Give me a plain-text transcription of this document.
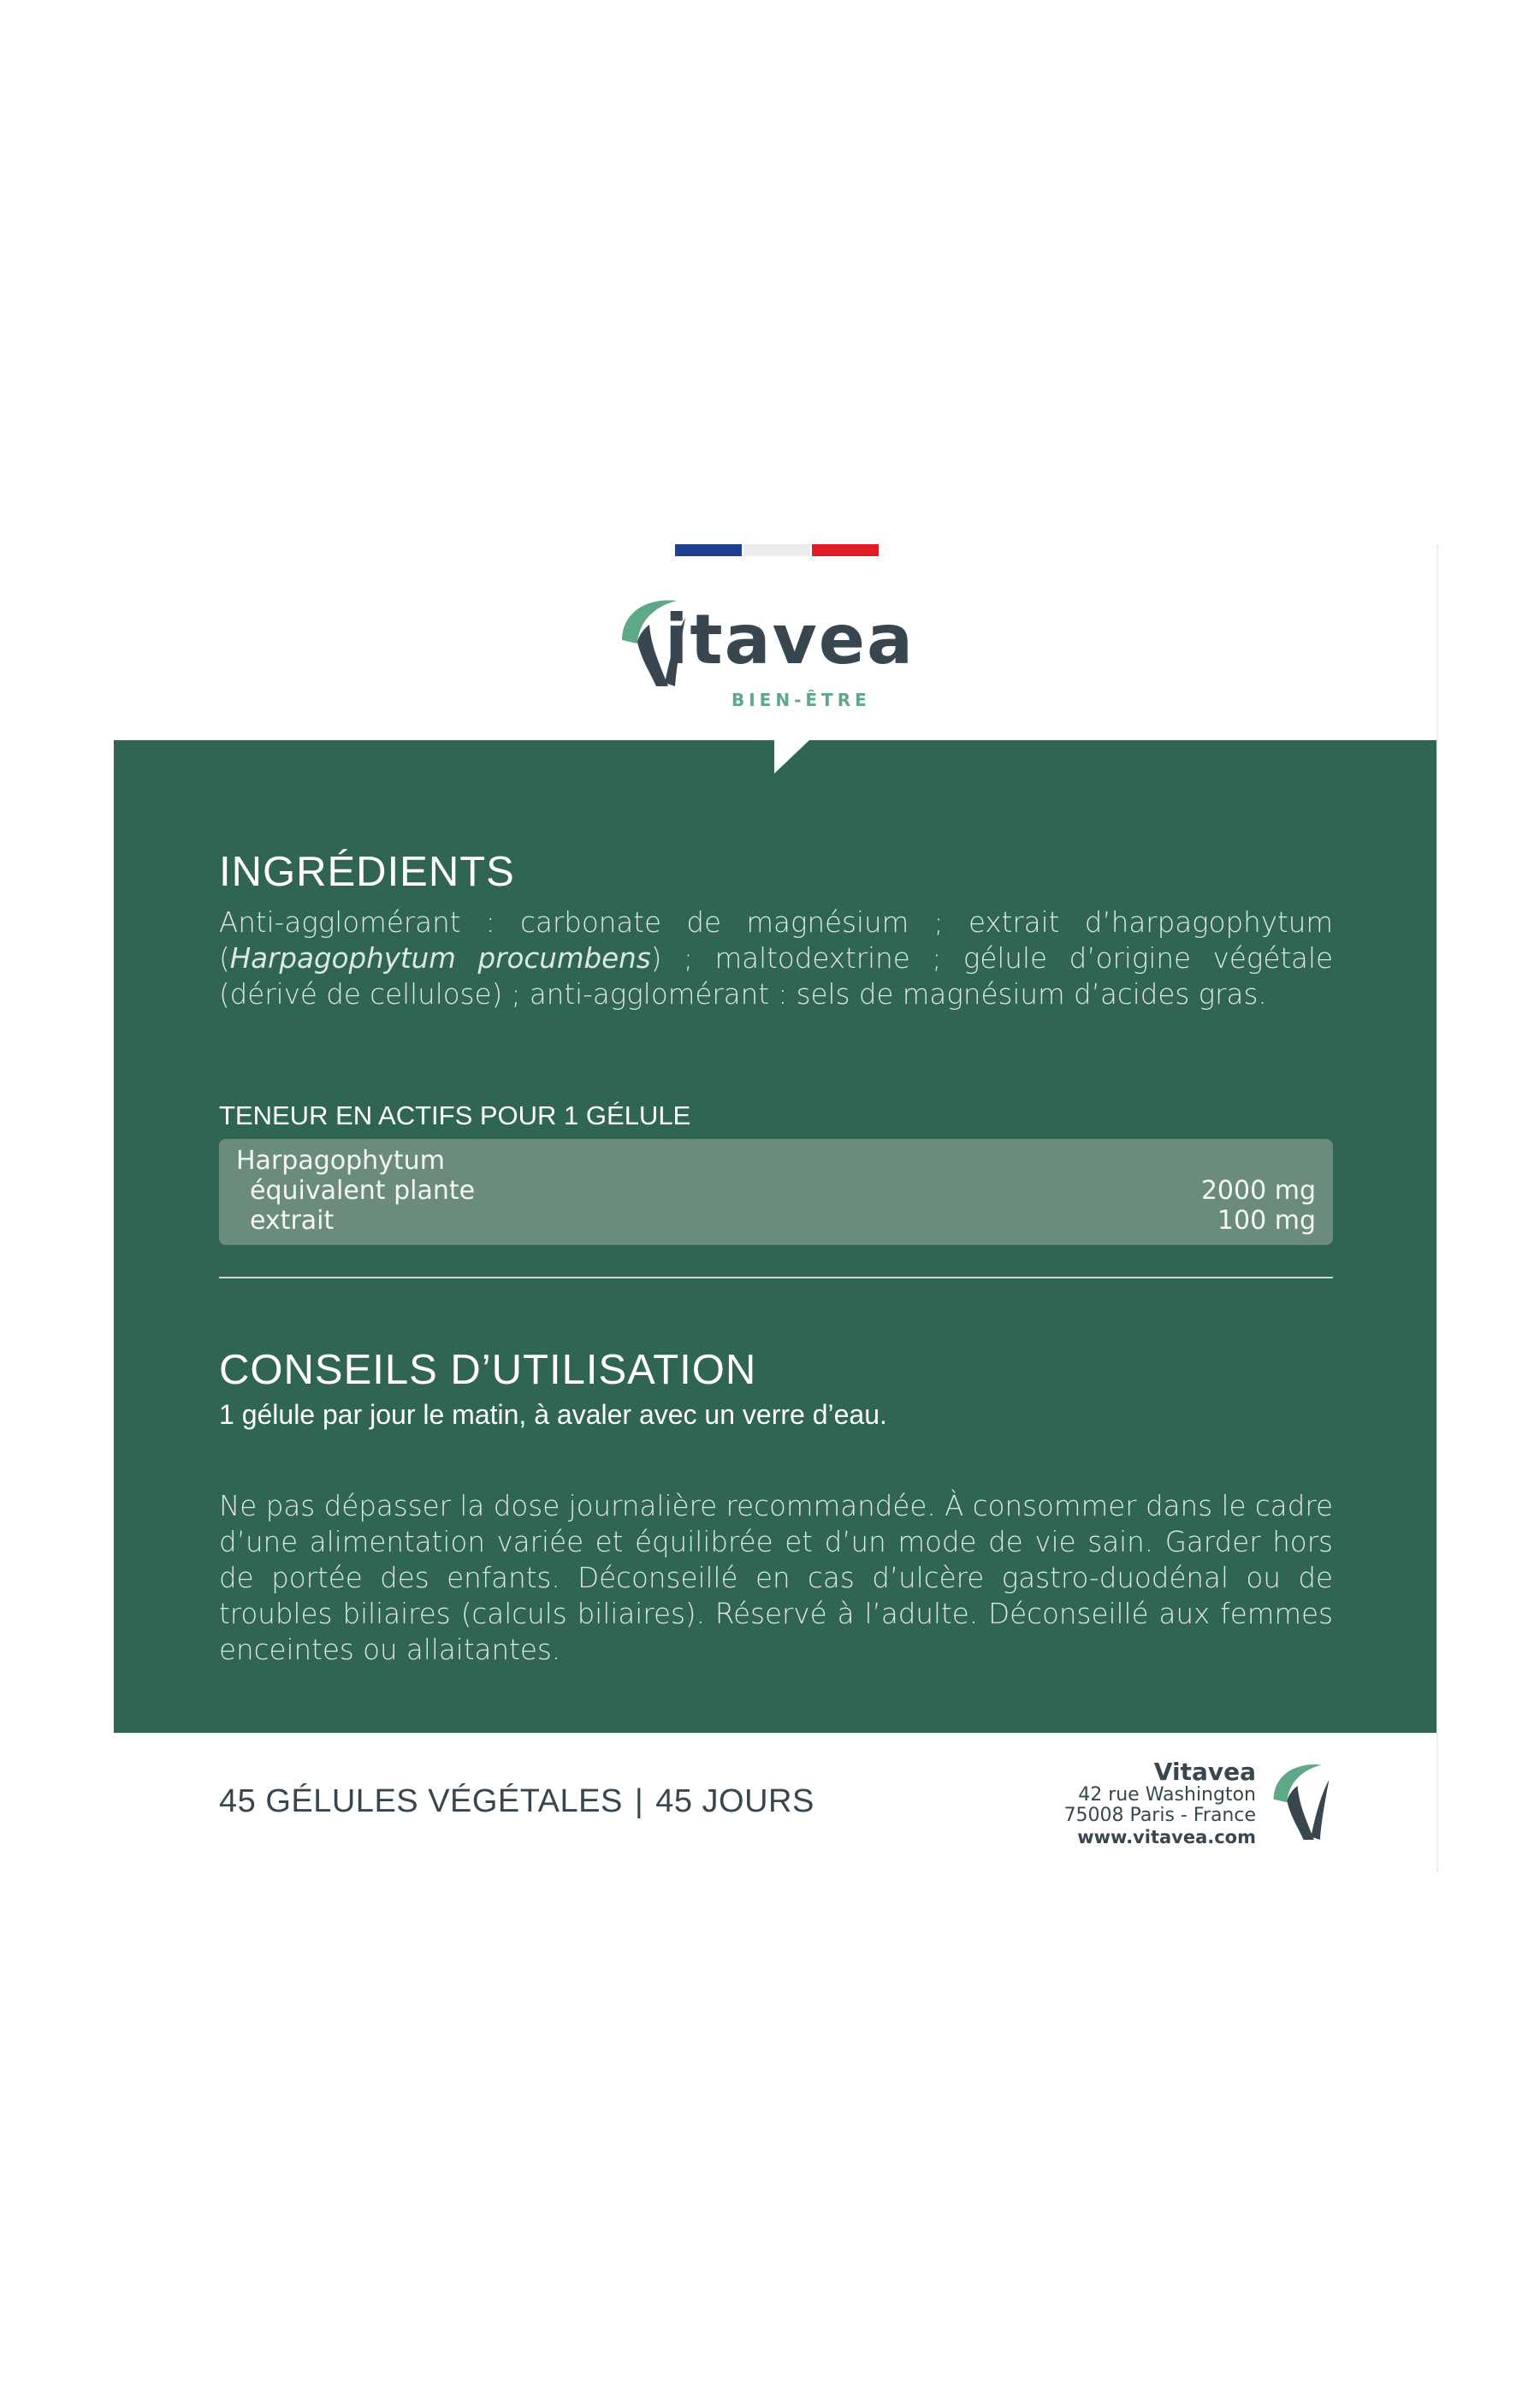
itavea
BIEN-ÊTRE
INGRÉDIENTS
Anti-agglomérant : carbonate de magnésium ; extrait d’harpagophytum (Harpagophytum procumbens) ; maltodextrine ; gélule d’origine végétale (dérivé de cellulose) ; anti-agglomérant : sels de magnésium d’acides gras.
TENEUR EN ACTIFS POUR 1 GÉLULE
Harpagophytum
équivalent plante	2000 mg
extrait	100 mg
CONSEILS D’UTILISATION
1 gélule par jour le matin, à avaler avec un verre d’eau.
Ne pas dépasser la dose journalière recommandée. À consommer dans le cadre d’une alimentation variée et équilibrée et d’un mode de vie sain. Garder hors de portée des enfants. Déconseillé en cas d’ulcère gastro-duodénal ou de troubles biliaires (calculs biliaires). Réservé à l’adulte. Déconseillé aux femmes enceintes ou allaitantes.
45 GÉLULES VÉGÉTALES | 45 JOURS
Vitavea
42 rue Washington
75008 Paris - France
www.vitavea.com
